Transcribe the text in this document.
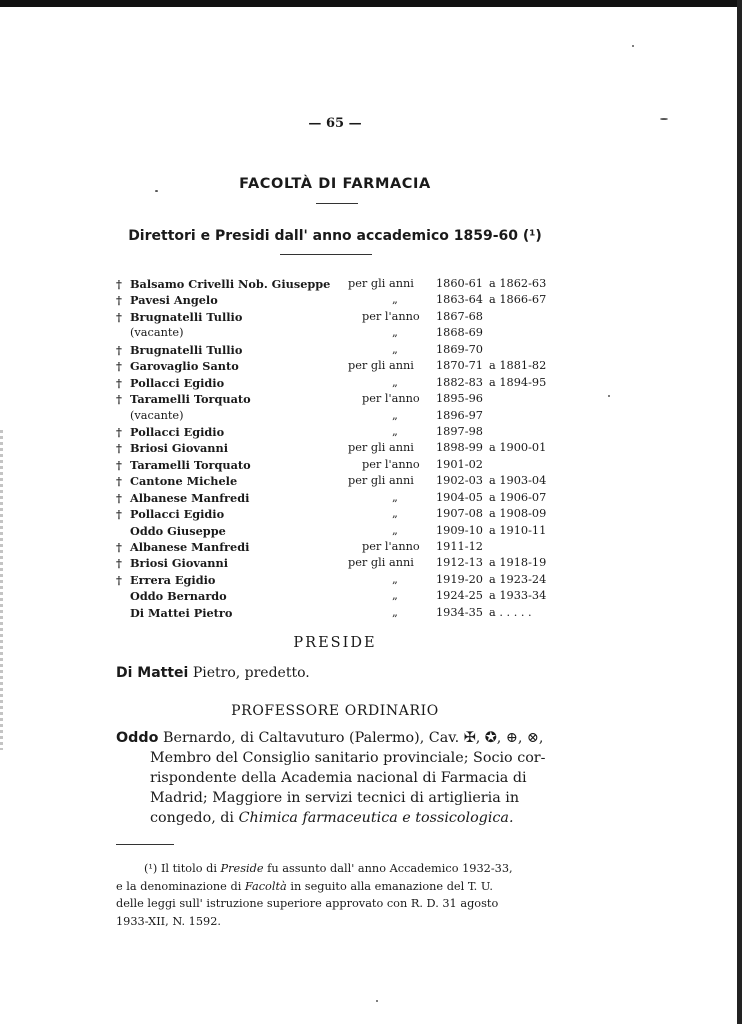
— 65 —
FACOLTÀ DI FARMACIA
Direttori e Presidi dall' anno accademico 1859-60 (¹)
† Balsamo Crivelli Nob. Giuseppe per gli anni 1860-61 a 1862-63
† Pavesi Angelo	„	1863-64 a 1866-67
† Brugnatelli Tullio	per l'anno 1867-68
(vacante)	„	1868-69
† Brugnatelli Tullio	„	1869-70
† Garovaglio Santo	per gli anni 1870-71 a 1881-82
† Pollacci Egidio	„	1882-83 a 1894-95
† Taramelli Torquato	per l'anno 1895-96
(vacante)	„	1896-97
† Pollacci Egidio	„	1897-98
† Briosi Giovanni	per gli anni 1898-99 a 1900-01
† Taramelli Torquato	per l'anno 1901-02
† Cantone Michele	per gli anni 1902-03 a 1903-04
† Albanese Manfredi	„	1904-05 a 1906-07
† Pollacci Egidio	„	1907-08 a 1908-09
Oddo Giuseppe	„	1909-10 a 1910-11
† Albanese Manfredi	per l'anno 1911-12
† Briosi Giovanni	per gli anni 1912-13 a 1918-19
† Errera Egidio	„	1919-20 a 1923-24
Oddo Bernardo	„	1924-25 a 1933-34
Di Mattei Pietro	„	1934-35 a . . . . .
PRESIDE
Di Mattei Pietro, predetto.
PROFESSORE ORDINARIO
Oddo Bernardo, di Caltavuturo (Palermo), Cav. ✠, ✪, ⊕, ⊗,
Membro del Consiglio sanitario provinciale; Socio cor-
rispondente della Academia nacional di Farmacia di
Madrid; Maggiore in servizi tecnici di artiglieria in
congedo, di Chimica farmaceutica e tossicologica.
(¹) Il titolo di Preside fu assunto dall' anno Accademico 1932-33,
e la denominazione di Facoltà in seguito alla emanazione del T. U.
delle leggi sull' istruzione superiore approvato con R. D. 31 agosto
1933-XII, N. 1592.
